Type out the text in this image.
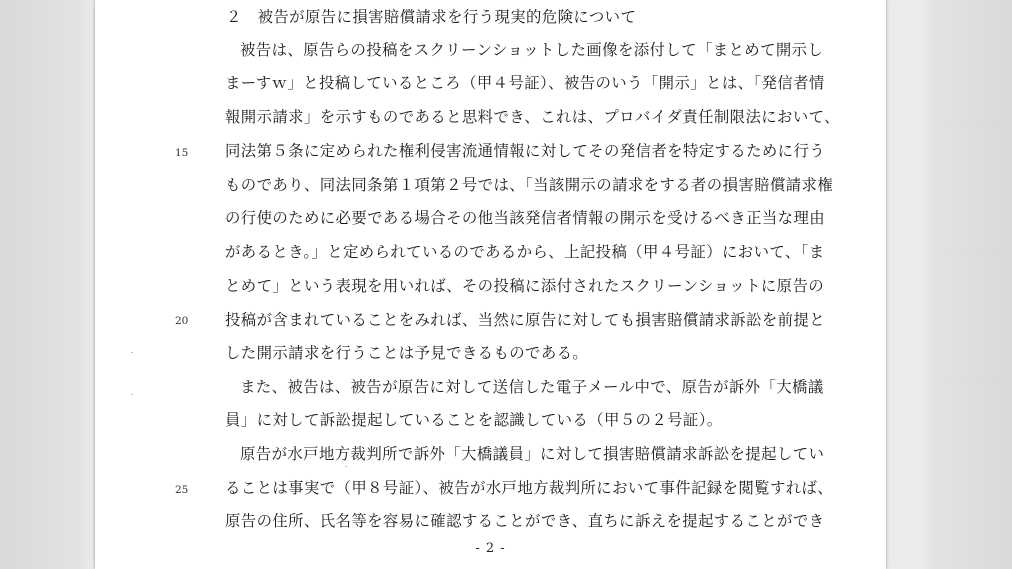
15
20
25
２　被告が原告に損害賠償請求を行う現実的危険について
被告は、原告らの投稿をスクリーンショットした画像を添付して「まとめて開示し
まーすｗ」と投稿しているところ（甲４号証）、被告のいう「開示」とは、「発信者情
報開示請求」を示すものであると思料でき、これは、プロバイダ責任制限法において、
同法第５条に定められた権利侵害流通情報に対してその発信者を特定するために行う
ものであり、同法同条第１項第２号では、「当該開示の請求をする者の損害賠償請求権
の行使のために必要である場合その他当該発信者情報の開示を受けるべき正当な理由
があるとき。」と定められているのであるから、上記投稿（甲４号証）において、「ま
とめて」という表現を用いれば、その投稿に添付されたスクリーンショットに原告の
投稿が含まれていることをみれば、当然に原告に対しても損害賠償請求訴訟を前提と
した開示請求を行うことは予見できるものである。
また、被告は、被告が原告に対して送信した電子メール中で、原告が訴外「大橋議
員」に対して訴訟提起していることを認識している（甲５の２号証）。
原告が水戸地方裁判所で訴外「大橋議員」に対して損害賠償請求訴訟を提起してい
ることは事実で（甲８号証）、被告が水戸地方裁判所において事件記録を閲覧すれば、
原告の住所、氏名等を容易に確認することができ、直ちに訴えを提起することができ
- 2 -
